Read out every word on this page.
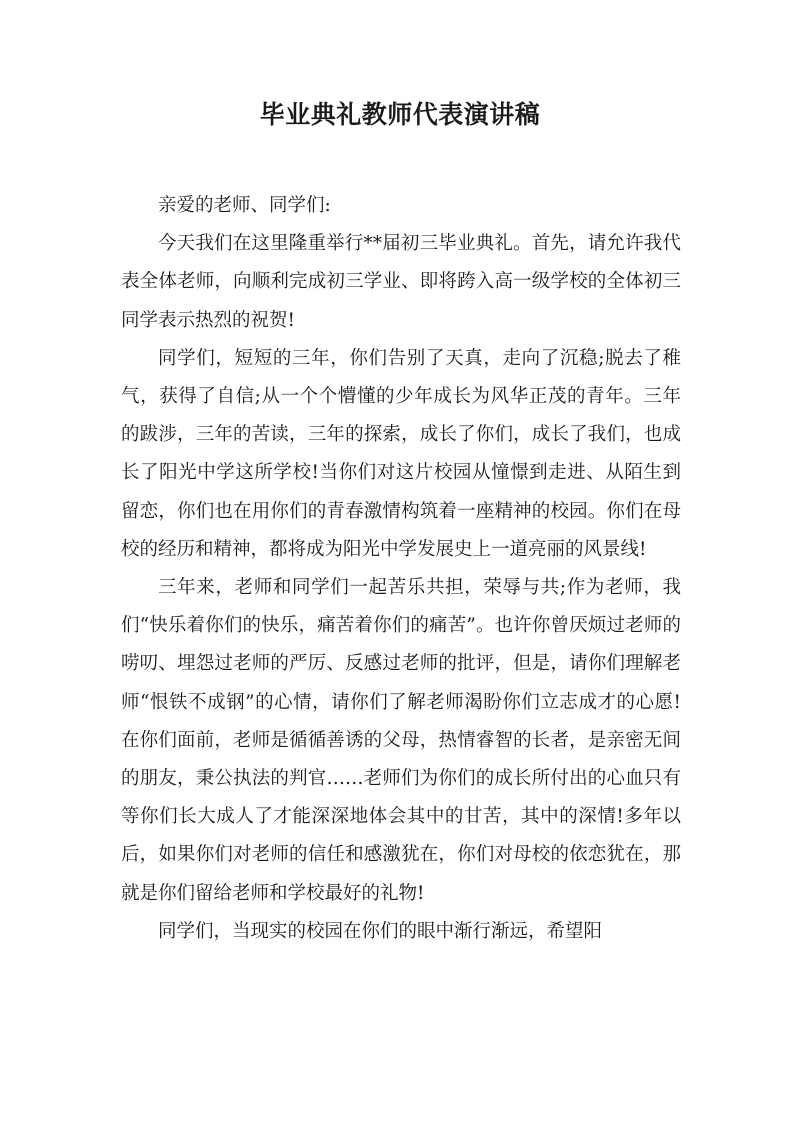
毕业典礼教师代表演讲稿

亲爱的老师、同学们:

今天我们在这里隆重举行**届初三毕业典礼。首先，请允许我代表全体老师，向顺利完成初三学业、即将跨入高一级学校的全体初三同学表示热烈的祝贺!

同学们，短短的三年，你们告别了天真，走向了沉稳;脱去了稚气，获得了自信;从一个个懵懂的少年成长为风华正茂的青年。三年的跋涉，三年的苦读，三年的探索，成长了你们，成长了我们，也成长了阳光中学这所学校!当你们对这片校园从憧憬到走进、从陌生到留恋，你们也在用你们的青春激情构筑着一座精神的校园。你们在母校的经历和精神，都将成为阳光中学发展史上一道亮丽的风景线!

三年来，老师和同学们一起苦乐共担，荣辱与共;作为老师，我们“快乐着你们的快乐，痛苦着你们的痛苦”。也许你曾厌烦过老师的唠叨、埋怨过老师的严厉、反感过老师的批评，但是，请你们理解老师“恨铁不成钢”的心情，请你们了解老师渴盼你们立志成才的心愿!在你们面前，老师是循循善诱的父母，热情睿智的长者，是亲密无间的朋友，秉公执法的判官……老师们为你们的成长所付出的心血只有等你们长大成人了才能深深地体会其中的甘苦，其中的深情!多年以后，如果你们对老师的信任和感激犹在，你们对母校的依恋犹在，那就是你们留给老师和学校最好的礼物!

同学们，当现实的校园在你们的眼中渐行渐远，希望阳
